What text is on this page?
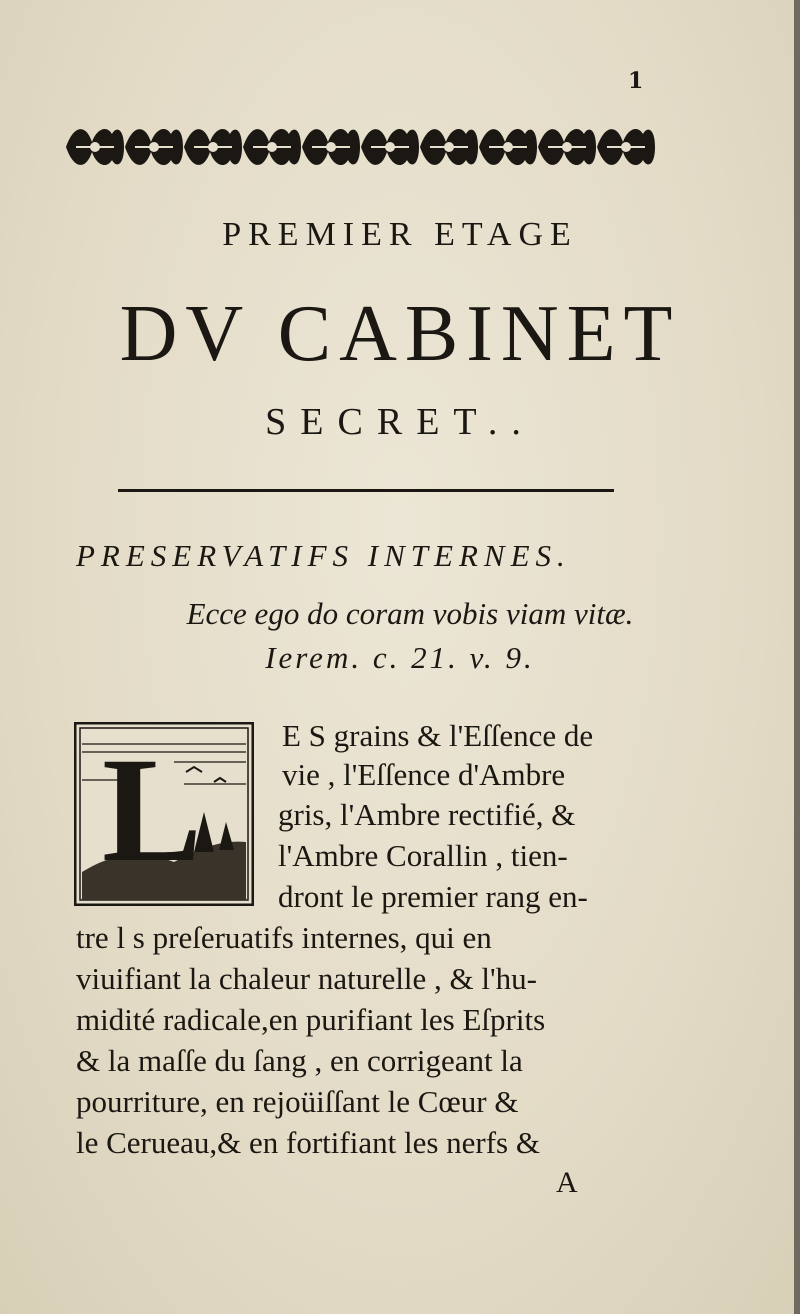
1
PREMIER ETAGE
DV CABINET
SECRET..
PRESERVATIFS INTERNES.
Ecce ego do coram vobis viam vitæ.
Ierem. c. 21. v. 9.
L	E S grains & l'Eſſence de
vie , l'Eſſence d'Ambre
gris, l'Ambre rectifié, &
l'Ambre Corallin , tien-
dront le premier rang en-
tre l s preſeruatifs internes, qui en
viuifiant la chaleur naturelle , & l'hu-
midité radicale,en purifiant les Eſprits
& la maſſe du ſang , en corrigeant la
pourriture, en rejoüiſſant le Cœur &
le Cerueau,& en fortifiant les nerfs &
A
